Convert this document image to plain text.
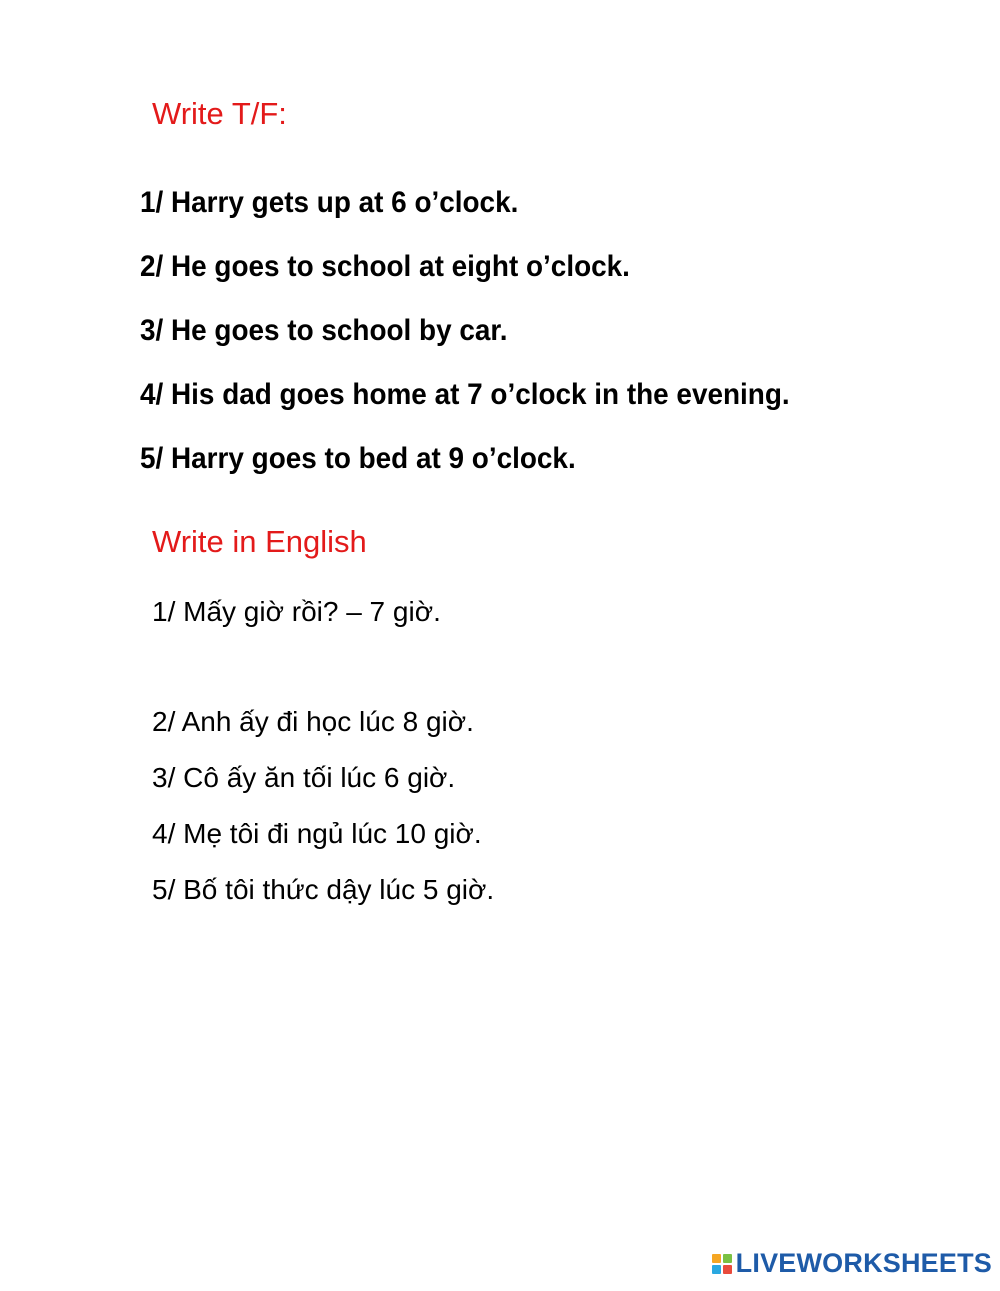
Write T/F:

1/ Harry gets up at 6 o’clock.

2/ He goes to school at eight o’clock.

3/ He goes to school by car.

4/ His dad goes home at 7 o’clock in the evening.

5/ Harry goes to bed at 9 o’clock.

Write in English

1/ Mấy giờ rồi? – 7 giờ.

2/ Anh ấy đi học lúc 8 giờ.

3/ Cô ấy ăn tối lúc 6 giờ.

4/ Mẹ tôi đi ngủ lúc 10 giờ.

5/ Bố tôi thức dậy lúc 5 giờ.

LIVEWORKSHEETS
